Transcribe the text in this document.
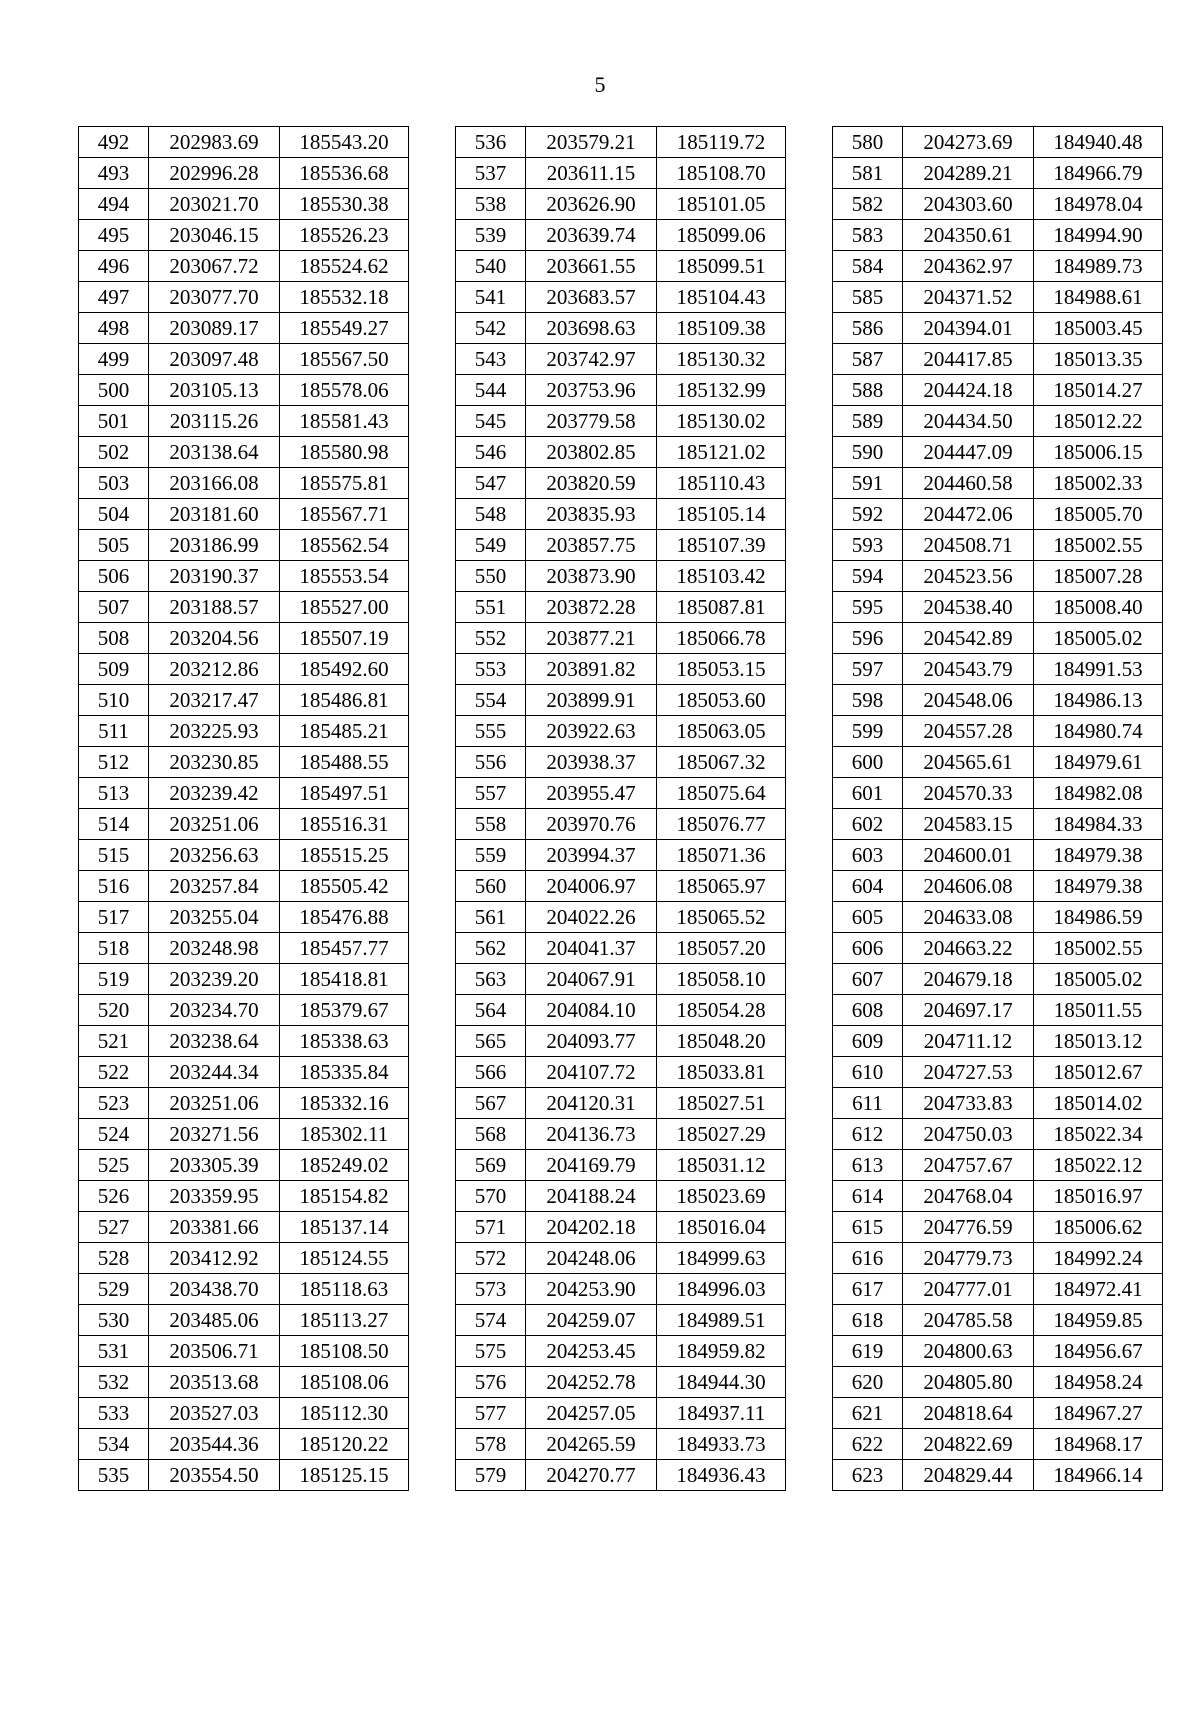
5
492	202983.69	185543.20
493	202996.28	185536.68
494	203021.70	185530.38
495	203046.15	185526.23
496	203067.72	185524.62
497	203077.70	185532.18
498	203089.17	185549.27
499	203097.48	185567.50
500	203105.13	185578.06
501	203115.26	185581.43
502	203138.64	185580.98
503	203166.08	185575.81
504	203181.60	185567.71
505	203186.99	185562.54
506	203190.37	185553.54
507	203188.57	185527.00
508	203204.56	185507.19
509	203212.86	185492.60
510	203217.47	185486.81
511	203225.93	185485.21
512	203230.85	185488.55
513	203239.42	185497.51
514	203251.06	185516.31
515	203256.63	185515.25
516	203257.84	185505.42
517	203255.04	185476.88
518	203248.98	185457.77
519	203239.20	185418.81
520	203234.70	185379.67
521	203238.64	185338.63
522	203244.34	185335.84
523	203251.06	185332.16
524	203271.56	185302.11
525	203305.39	185249.02
526	203359.95	185154.82
527	203381.66	185137.14
528	203412.92	185124.55
529	203438.70	185118.63
530	203485.06	185113.27
531	203506.71	185108.50
532	203513.68	185108.06
533	203527.03	185112.30
534	203544.36	185120.22
535	203554.50	185125.15
536	203579.21	185119.72
537	203611.15	185108.70
538	203626.90	185101.05
539	203639.74	185099.06
540	203661.55	185099.51
541	203683.57	185104.43
542	203698.63	185109.38
543	203742.97	185130.32
544	203753.96	185132.99
545	203779.58	185130.02
546	203802.85	185121.02
547	203820.59	185110.43
548	203835.93	185105.14
549	203857.75	185107.39
550	203873.90	185103.42
551	203872.28	185087.81
552	203877.21	185066.78
553	203891.82	185053.15
554	203899.91	185053.60
555	203922.63	185063.05
556	203938.37	185067.32
557	203955.47	185075.64
558	203970.76	185076.77
559	203994.37	185071.36
560	204006.97	185065.97
561	204022.26	185065.52
562	204041.37	185057.20
563	204067.91	185058.10
564	204084.10	185054.28
565	204093.77	185048.20
566	204107.72	185033.81
567	204120.31	185027.51
568	204136.73	185027.29
569	204169.79	185031.12
570	204188.24	185023.69
571	204202.18	185016.04
572	204248.06	184999.63
573	204253.90	184996.03
574	204259.07	184989.51
575	204253.45	184959.82
576	204252.78	184944.30
577	204257.05	184937.11
578	204265.59	184933.73
579	204270.77	184936.43
580	204273.69	184940.48
581	204289.21	184966.79
582	204303.60	184978.04
583	204350.61	184994.90
584	204362.97	184989.73
585	204371.52	184988.61
586	204394.01	185003.45
587	204417.85	185013.35
588	204424.18	185014.27
589	204434.50	185012.22
590	204447.09	185006.15
591	204460.58	185002.33
592	204472.06	185005.70
593	204508.71	185002.55
594	204523.56	185007.28
595	204538.40	185008.40
596	204542.89	185005.02
597	204543.79	184991.53
598	204548.06	184986.13
599	204557.28	184980.74
600	204565.61	184979.61
601	204570.33	184982.08
602	204583.15	184984.33
603	204600.01	184979.38
604	204606.08	184979.38
605	204633.08	184986.59
606	204663.22	185002.55
607	204679.18	185005.02
608	204697.17	185011.55
609	204711.12	185013.12
610	204727.53	185012.67
611	204733.83	185014.02
612	204750.03	185022.34
613	204757.67	185022.12
614	204768.04	185016.97
615	204776.59	185006.62
616	204779.73	184992.24
617	204777.01	184972.41
618	204785.58	184959.85
619	204800.63	184956.67
620	204805.80	184958.24
621	204818.64	184967.27
622	204822.69	184968.17
623	204829.44	184966.14
